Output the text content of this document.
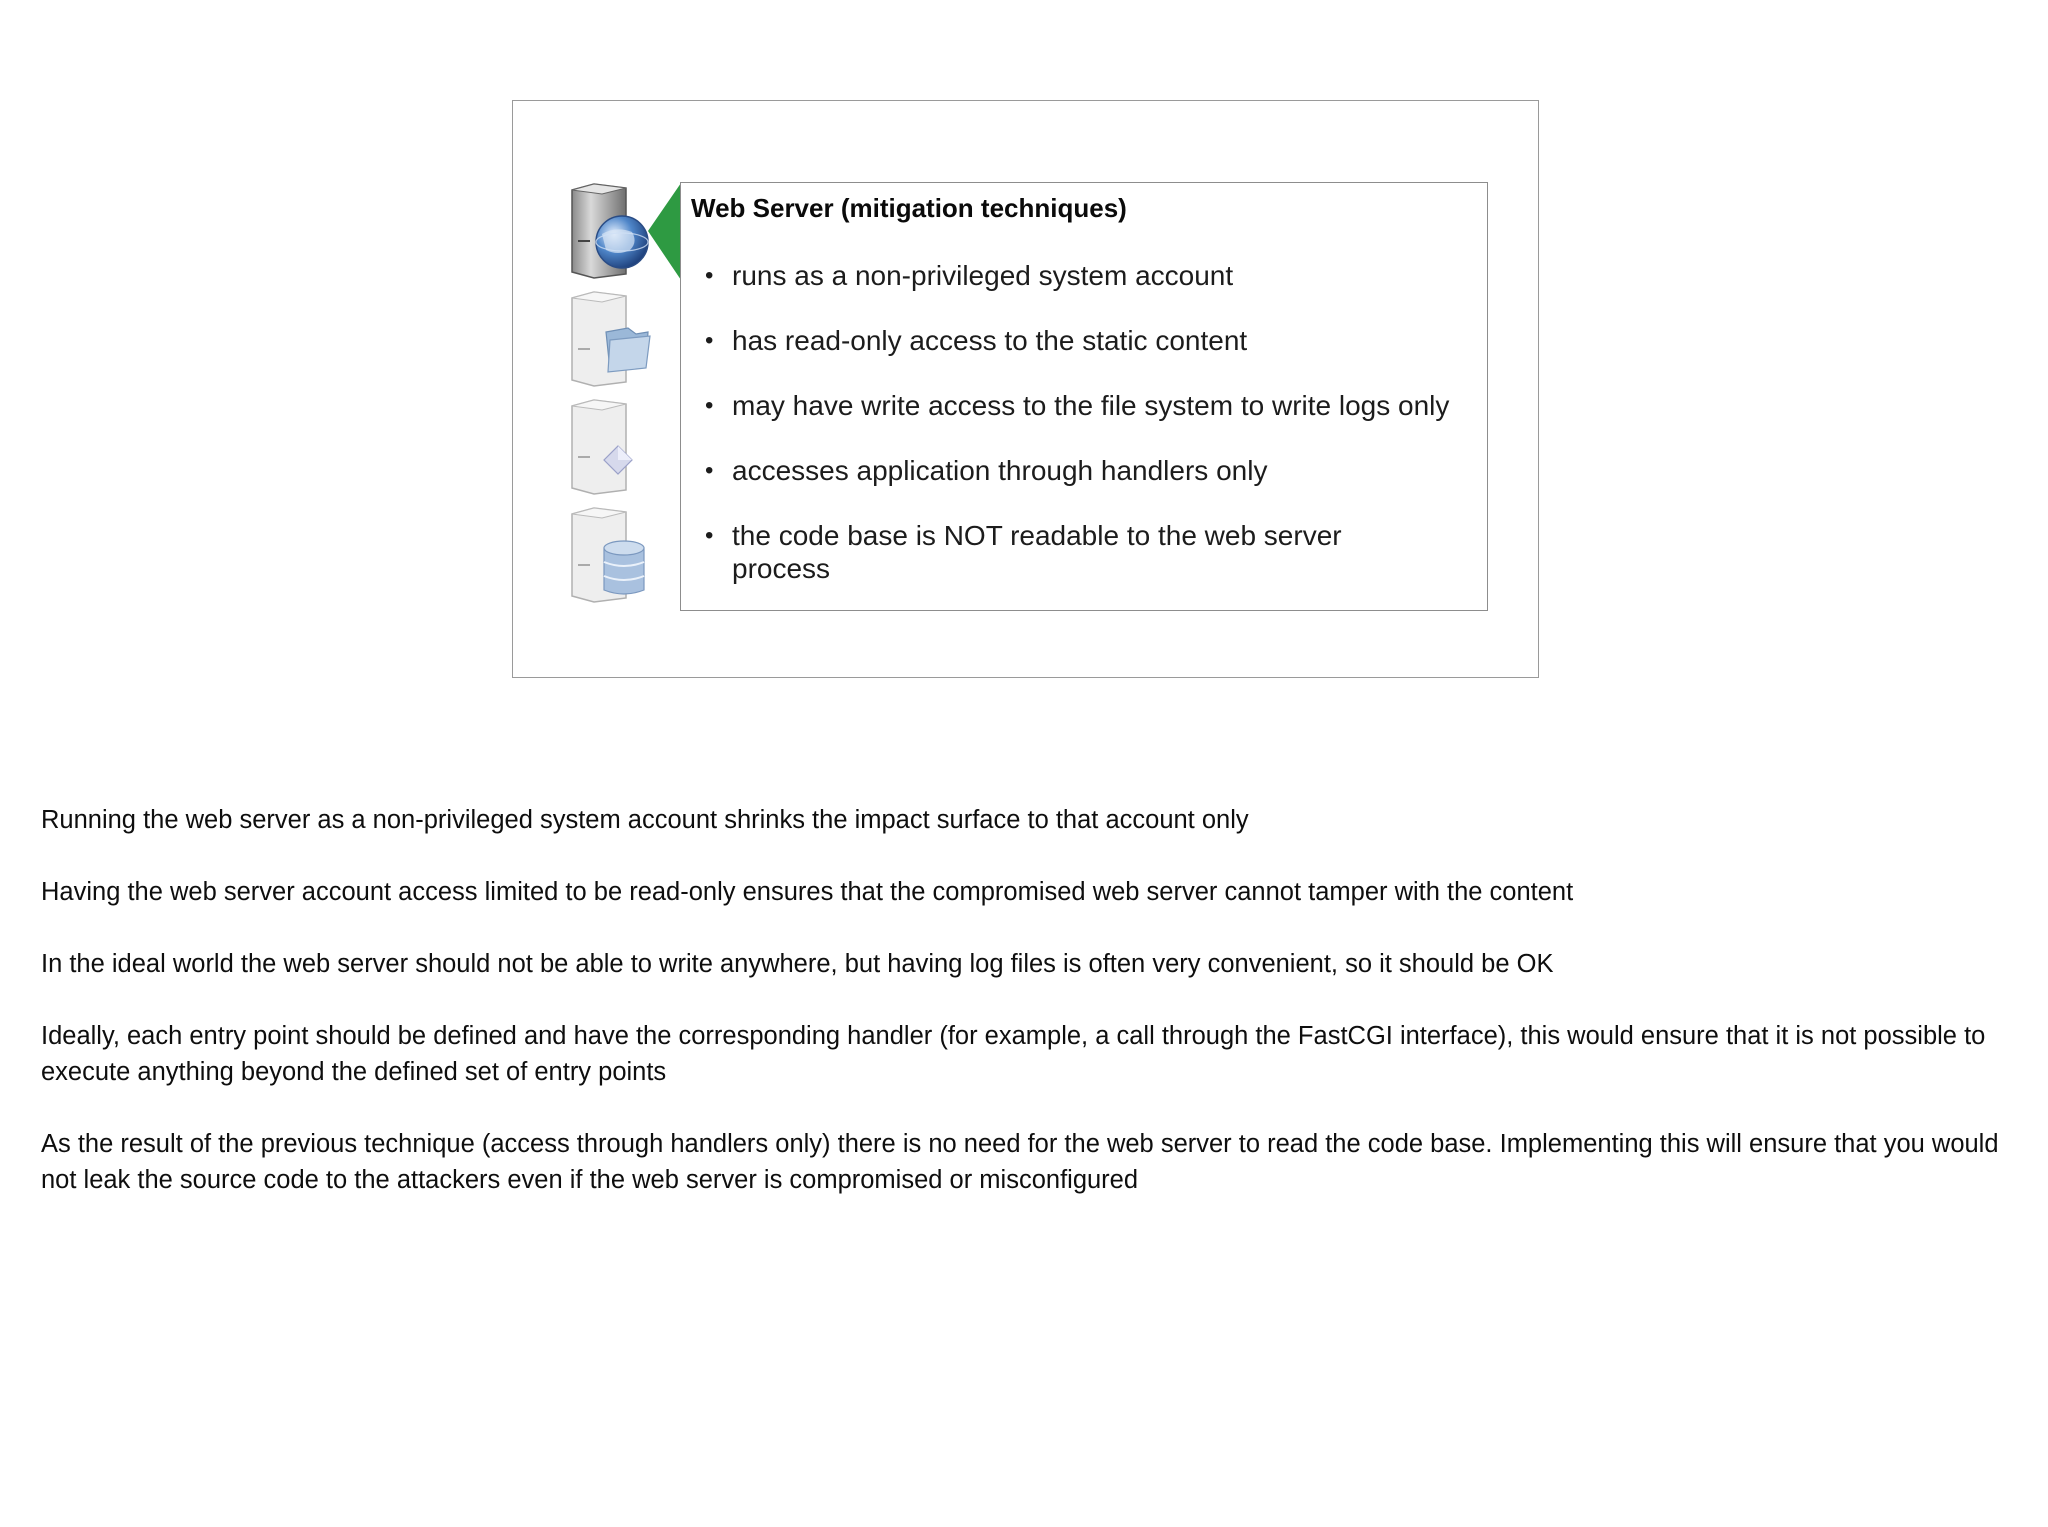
Web Server (mitigation techniques)
• runs as a non-privileged system account
• has read-only access to the static content
• may have write access to the file system to write logs only
• accesses application through handlers only
• the code base is NOT readable to the web server process

Running the web server as a non-privileged system account shrinks the impact surface to that account only

Having the web server account access limited to be read-only ensures that the compromised web server cannot tamper with the content

In the ideal world the web server should not be able to write anywhere, but having log files is often very convenient, so it should be OK

Ideally, each entry point should be defined and have the corresponding handler (for example, a call through the FastCGI interface), this would ensure that it is not possible to execute anything beyond the defined set of entry points

As the result of the previous technique (access through handlers only) there is no need for the web server to read the code base. Implementing this will ensure that you would not leak the source code to the attackers even if the web server is compromised or misconfigured
